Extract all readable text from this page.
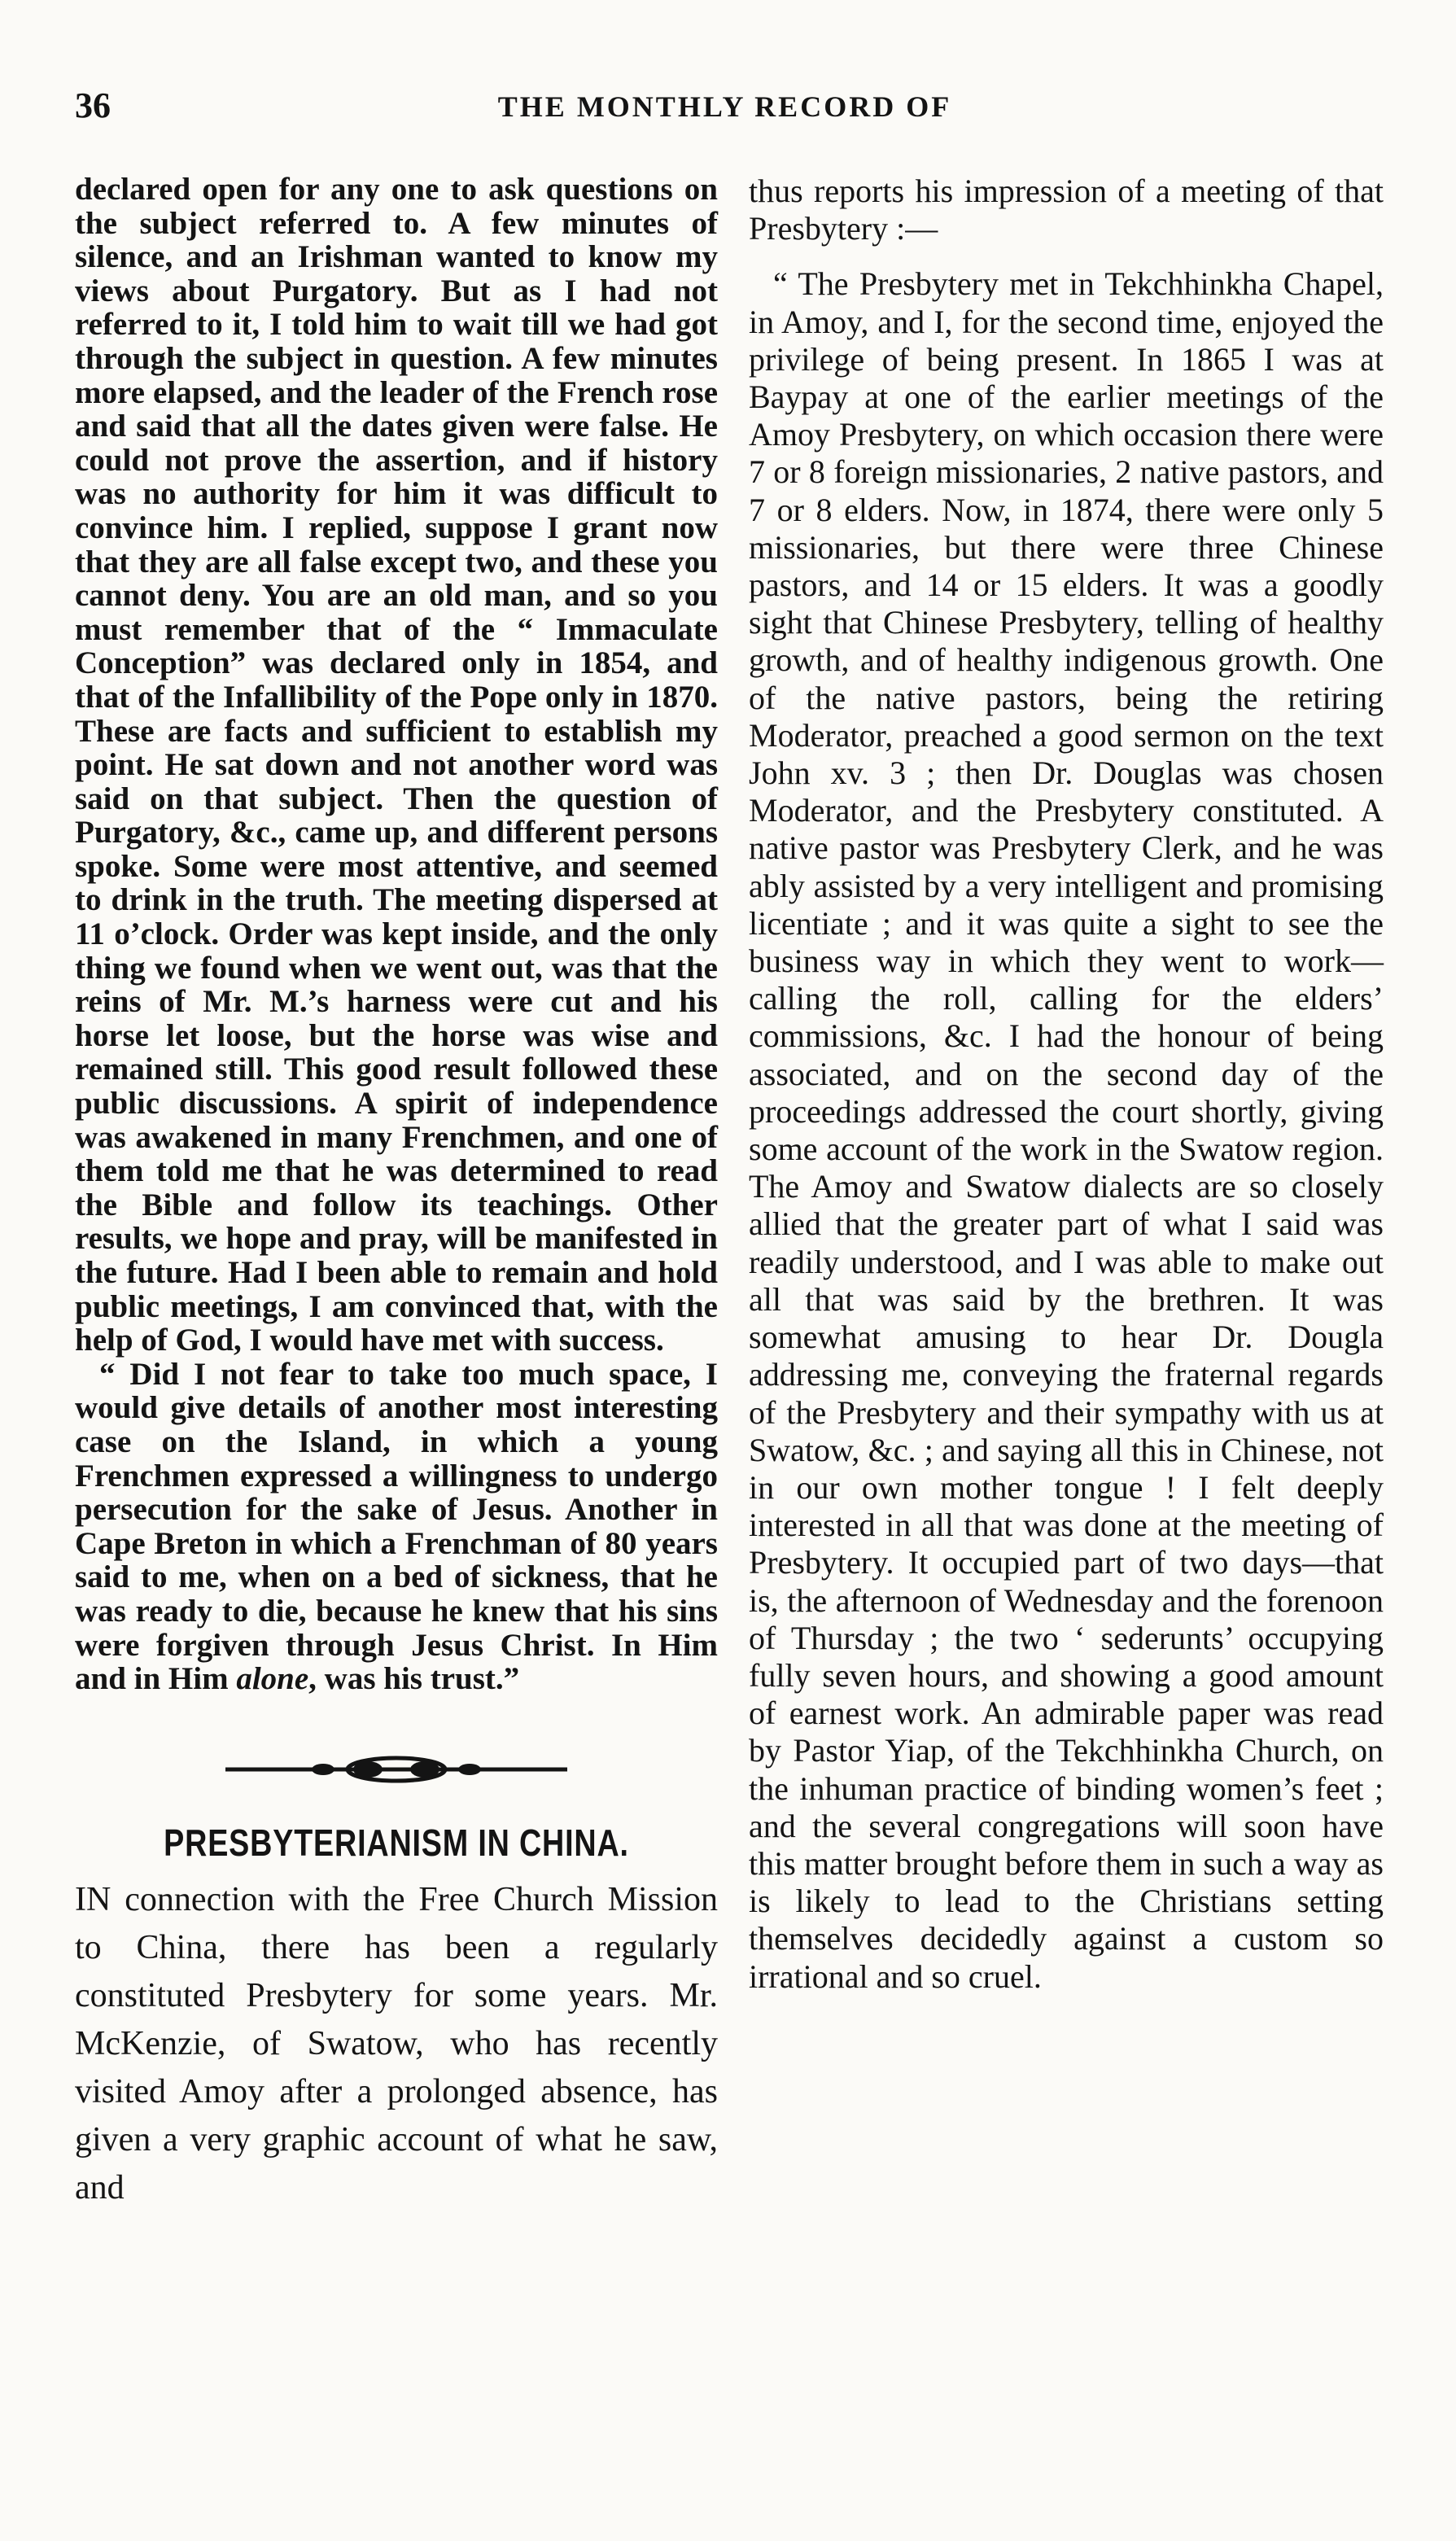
36	THE MONTHLY RECORD OF

declared open for any one to ask questions on the subject referred to. A few minutes of silence, and an Irishman wanted to know my views about Purgatory. But as I had not referred to it, I told him to wait till we had got through the subject in question. A few minutes more elapsed, and the leader of the French rose and said that all the dates given were false. He could not prove the assertion, and if history was no authority for him it was difficult to convince him. I replied, suppose I grant now that they are all false except two, and these you cannot deny. You are an old man, and so you must remember that of the “ Immaculate Conception” was declared only in 1854, and that of the Infallibility of the Pope only in 1870. These are facts and sufficient to establish my point. He sat down and not another word was said on that subject. Then the question of Purgatory, &c., came up, and different persons spoke. Some were most attentive, and seemed to drink in the truth. The meeting dispersed at 11 o’clock. Order was kept inside, and the only thing we found when we went out, was that the reins of Mr. M.’s harness were cut and his horse let loose, but the horse was wise and remained still. This good result followed these public discussions. A spirit of independence was awakened in many Frenchmen, and one of them told me that he was determined to read the Bible and follow its teachings. Other results, we hope and pray, will be manifested in the future. Had I been able to remain and hold public meetings, I am convinced that, with the help of God, I would have met with success.

“ Did I not fear to take too much space, I would give details of another most interesting case on the Island, in which a young Frenchmen expressed a willingness to undergo persecution for the sake of Jesus. Another in Cape Breton in which a Frenchman of 80 years said to me, when on a bed of sickness, that he was ready to die, because he knew that his sins were forgiven through Jesus Christ. In Him and in Him alone, was his trust.”

PRESBYTERIANISM IN CHINA.

IN connection with the Free Church Mission to China, there has been a regularly constituted Presbytery for some years. Mr. McKenzie, of Swatow, who has recently visited Amoy after a prolonged absence, has given a very graphic account of what he saw, and

thus reports his impression of a meeting of that Presbytery :—

“ The Presbytery met in Tekchhinkha Chapel, in Amoy, and I, for the second time, enjoyed the privilege of being present. In 1865 I was at Baypay at one of the earlier meetings of the Amoy Presbytery, on which occasion there were 7 or 8 foreign missionaries, 2 native pastors, and 7 or 8 elders. Now, in 1874, there were only 5 missionaries, but there were three Chinese pastors, and 14 or 15 elders. It was a goodly sight that Chinese Presbytery, telling of healthy growth, and of healthy indigenous growth. One of the native pastors, being the retiring Moderator, preached a good sermon on the text John xv. 3 ; then Dr. Douglas was chosen Moderator, and the Presbytery constituted. A native pastor was Presbytery Clerk, and he was ably assisted by a very intelligent and promising licentiate ; and it was quite a sight to see the business way in which they went to work—calling the roll, calling for the elders’ commissions, &c. I had the honour of being associated, and on the second day of the proceedings addressed the court shortly, giving some account of the work in the Swatow region. The Amoy and Swatow dialects are so closely allied that the greater part of what I said was readily understood, and I was able to make out all that was said by the brethren. It was somewhat amusing to hear Dr. Dougla addressing me, conveying the fraternal regards of the Presbytery and their sympathy with us at Swatow, &c. ; and saying all this in Chinese, not in our own mother tongue ! I felt deeply interested in all that was done at the meeting of Presbytery. It occupied part of two days—that is, the afternoon of Wednesday and the forenoon of Thursday ; the two ‘ sederunts’ occupying fully seven hours, and showing a good amount of earnest work. An admirable paper was read by Pastor Yiap, of the Tekchhinkha Church, on the inhuman practice of binding women’s feet ; and the several congregations will soon have this matter brought before them in such a way as is likely to lead to the Christians setting themselves decidedly against a custom so irrational and so cruel.
